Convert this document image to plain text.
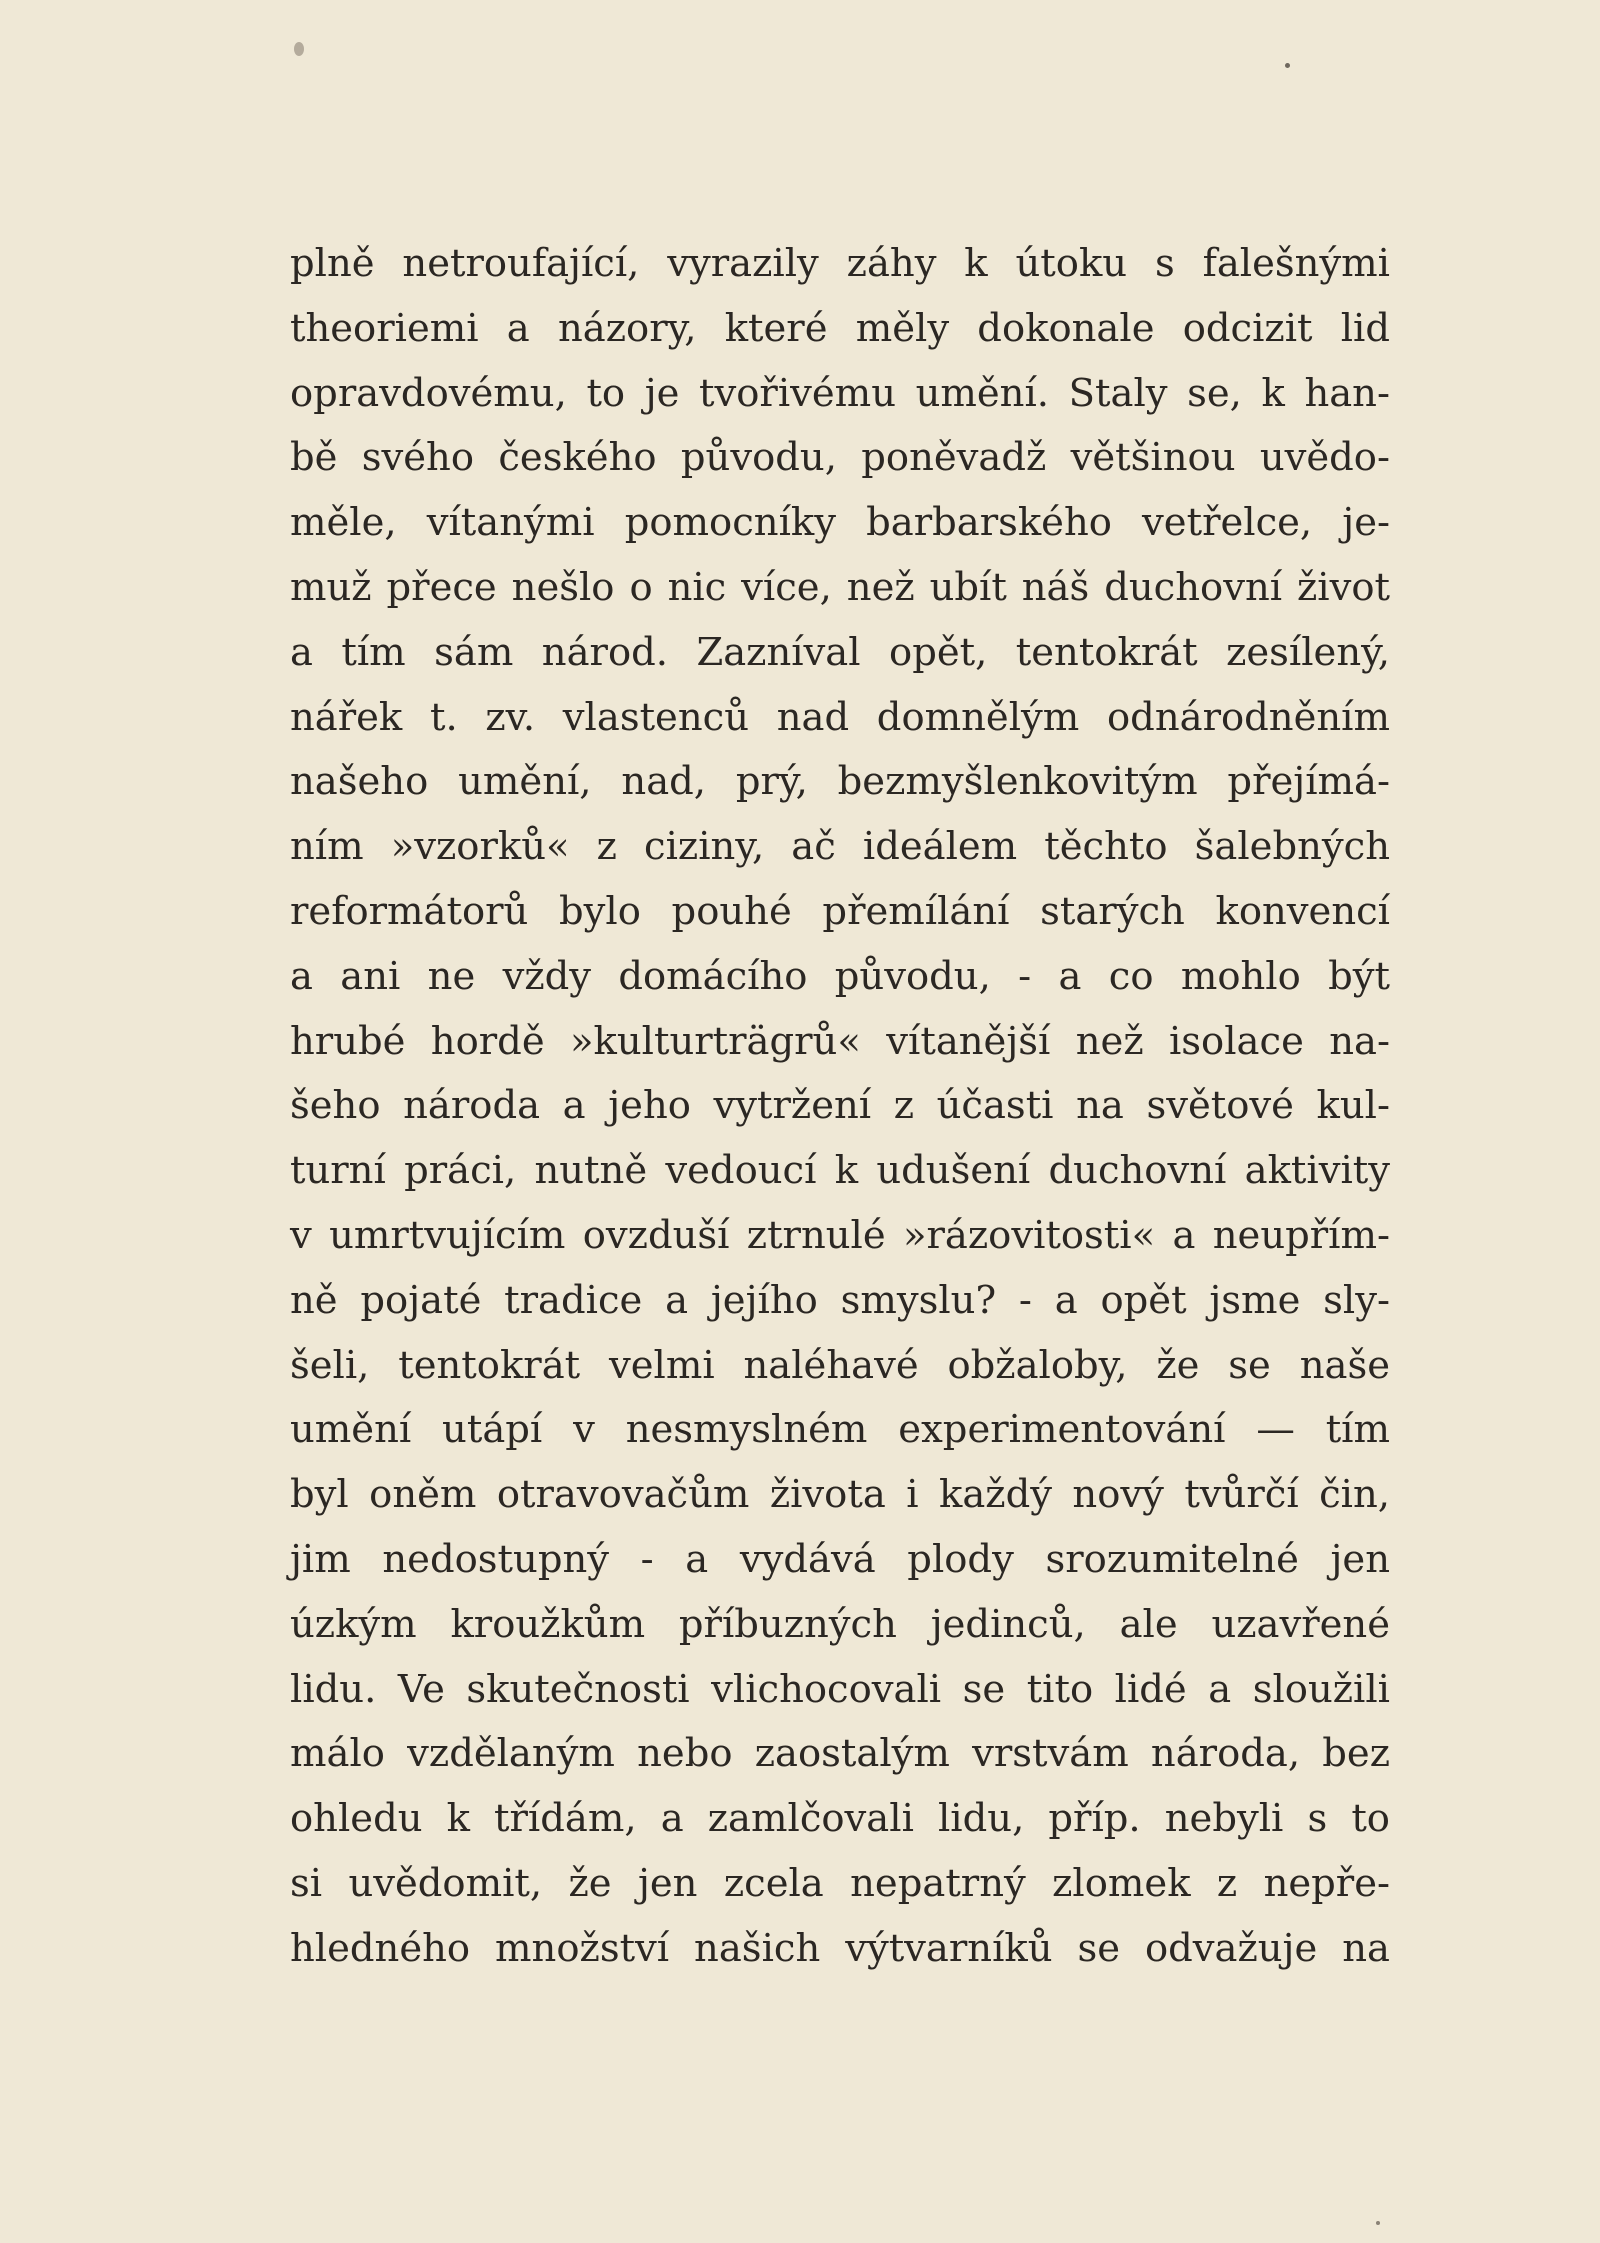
plně netroufající, vyrazily záhy k útoku s falešnými
theoriemi a názory, které měly dokonale odcizit lid
opravdovému, to je tvořivému umění. Staly se, k han-
bě svého českého původu, poněvadž většinou uvědo-
měle, vítanými pomocníky barbarského vetřelce, je-
muž přece nešlo o nic více, než ubít náš duchovní život
a tím sám národ. Zazníval opět, tentokrát zesílený,
nářek t. zv. vlastenců nad domnělým odnárodněním
našeho umění, nad, prý, bezmyšlenkovitým přejímá-
ním »vzorků« z ciziny, ač ideálem těchto šalebných
reformátorů bylo pouhé přemílání starých konvencí
a ani ne vždy domácího původu, - a co mohlo být
hrubé hordě »kulturträgrů« vítanější než isolace na-
šeho národa a jeho vytržení z účasti na světové kul-
turní práci, nutně vedoucí k udušení duchovní aktivity
v umrtvujícím ovzduší ztrnulé »rázovitosti« a neupřím-
ně pojaté tradice a jejího smyslu? - a opět jsme sly-
šeli, tentokrát velmi naléhavé obžaloby, že se naše
umění utápí v nesmyslném experimentování — tím
byl oněm otravovačům života i každý nový tvůrčí čin,
jim nedostupný - a vydává plody srozumitelné jen
úzkým kroužkům příbuzných jedinců, ale uzavřené
lidu. Ve skutečnosti vlichocovali se tito lidé a sloužili
málo vzdělaným nebo zaostalým vrstvám národa, bez
ohledu k třídám, a zamlčovali lidu, příp. nebyli s to
si uvědomit, že jen zcela nepatrný zlomek z nepře-
hledného množství našich výtvarníků se odvažuje na
